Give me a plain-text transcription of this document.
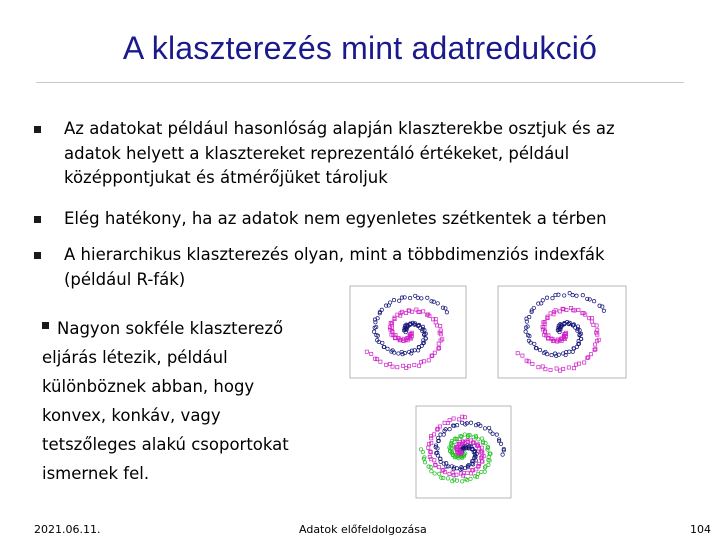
A klaszterezés mint adatredukció
Az adatokat például hasonlóság alapján klaszterekbe osztjuk és az
adatok helyett a klasztereket reprezentáló értékeket, például
középpontjukat és átmérőjüket tároljuk
Elég hatékony, ha az adatok nem egyenletes szétkentek a térben
A hierarchikus klaszterezés olyan, mint a többdimenziós indexfák
(például R-fák)
Nagyon sokféle klaszterező
eljárás létezik, például
különböznek abban, hogy
konvex, konkáv, vagy
tetszőleges alakú csoportokat
ismernek fel.
2021.06.11.	Adatok előfeldolgozása	104
